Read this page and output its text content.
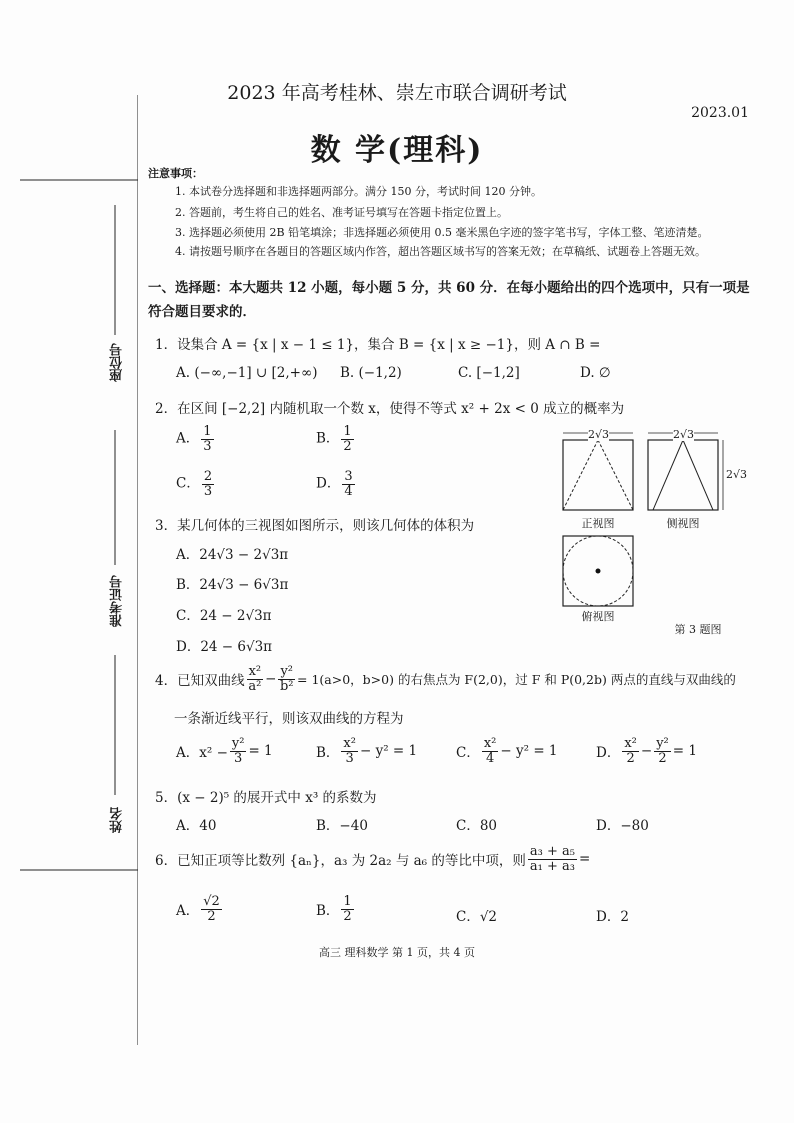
2023 年高考桂林、崇左市联合调研考试
2023.01
数 学(理科)
注意事项：
1. 本试卷分选择题和非选择题两部分。满分 150 分，考试时间 120 分钟。
2. 答题前，考生将自己的姓名、准考证号填写在答题卡指定位置上。
3. 选择题必须使用 2B 铅笔填涂；非选择题必须使用 0.5 毫米黑色字迹的签字笔书写，字体工整、笔迹清楚。
4. 请按题号顺序在各题目的答题区域内作答，超出答题区域书写的答案无效；在草稿纸、试题卷上答题无效。
座位号
准考证号
姓名
一、选择题：本大题共 12 小题，每小题 5 分，共 60 分．在每小题给出的四个选项中，只有一项是符合题目要求的．
1．设集合 A = {x | x − 1 ≤ 1}，集合 B = {x | x ≥ −1}，则 A ∩ B =
A. (−∞,−1] ∪ [2,+∞) B. (−1,2)	C. [−1,2]	D. ∅
2．在区间 [−2,2] 内随机取一个数 x，使得不等式 x² + 2x < 0 成立的概率为
A． $\frac{1}{3}$	B． $\frac{1}{2}$
C． $\frac{2}{3}$	D． $\frac{3}{4}$
3．某几何体的三视图如图所示，则该几何体的体积为
A．24√3 − 2√3π
B．24√3 − 6√3π
C．24 − 2√3π
D．24 − 6√3π
2√3	2√3
2√3
正视图	侧视图
俯视图
第 3 题图
4．已知双曲线 $\frac{\text{x²}}{\text{a²}} - \frac{\text{y²}}{\text{b²}} = 1(a>0$，b>0) 的右焦点为 F(2,0)，过 F 和 P(0,2b) 两点的直线与双曲线的
一条渐近线平行，则该双曲线的方程为
A．$x^2 - \frac{\text{y²}}{3} = 1$	B． $\frac{\text{x²}}{3} - y^2 = 1$	C． $\frac{\text{x²}}{4} - y^2 = 1$	D． $\frac{\text{x²}}{2} - \frac{\text{y²}}{2} = 1$
5．(x − 2)⁵ 的展开式中 x³ 的系数为
A．40	B．−40	C．80	D．−80
6．已知正项等比数列 {aₙ}，a₃ 为 2a₂ 与 a₆ 的等比中项，则 $\frac{\text{a₃ + a₅}}{\text{a₁ + a₃}}$ =
A． $\frac{√2}{2}$	B． $\frac{1}{2}$	C．√2	D．2
高三 理科数学 第 1 页，共 4 页
